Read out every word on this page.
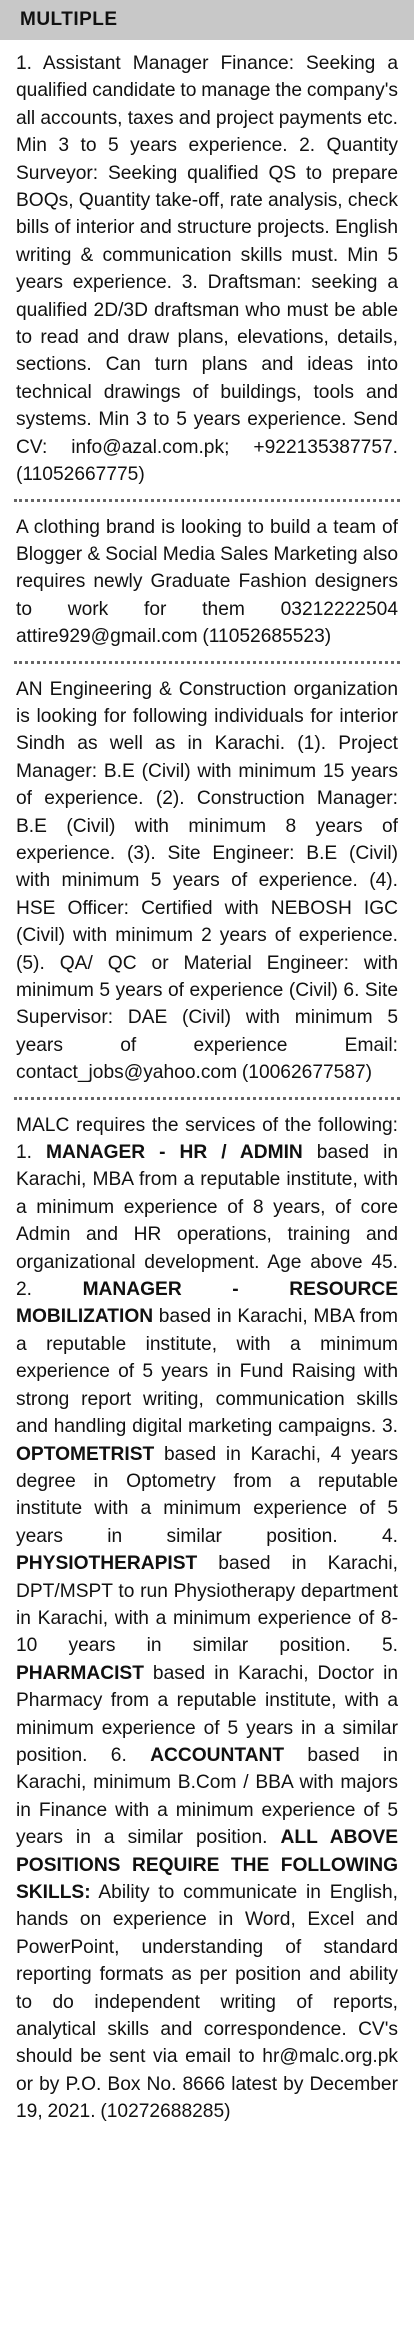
MULTIPLE

1. Assistant Manager Finance: Seeking a qualified candidate to manage the company's all accounts, taxes and project payments etc. Min 3 to 5 years experience. 2. Quantity Surveyor: Seeking qualified QS to prepare BOQs, Quantity take-off, rate analysis, check bills of interior and structure projects. English writing & communication skills must. Min 5 years experience. 3. Draftsman: seeking a qualified 2D/3D draftsman who must be able to read and draw plans, elevations, details, sections. Can turn plans and ideas into technical drawings of buildings, tools and systems. Min 3 to 5 years experience. Send CV: info@azal.com.pk; +922135387757. (11052667775)

A clothing brand is looking to build a team of Blogger & Social Media Sales Marketing also requires newly Graduate Fashion designers to work for them 03212222504 attire929@gmail.com (11052685523)

AN Engineering & Construction organization is looking for following individuals for interior Sindh as well as in Karachi. (1). Project Manager: B.E (Civil) with minimum 15 years of experience. (2). Construction Manager: B.E (Civil) with minimum 8 years of experience. (3). Site Engineer: B.E (Civil) with minimum 5 years of experience. (4). HSE Officer: Certified with NEBOSH IGC (Civil) with minimum 2 years of experience. (5). QA/ QC or Material Engineer: with minimum 5 years of experience (Civil) 6. Site Supervisor: DAE (Civil) with minimum 5 years of experience Email: contact_jobs@yahoo.com (10062677587)

MALC requires the services of the following: 1. MANAGER - HR / ADMIN based in Karachi, MBA from a reputable institute, with a minimum experience of 8 years, of core Admin and HR operations, training and organizational development. Age above 45. 2. MANAGER - RESOURCE MOBILIZATION based in Karachi, MBA from a reputable institute, with a minimum experience of 5 years in Fund Raising with strong report writing, communication skills and handling digital marketing campaigns. 3. OPTOMETRIST based in Karachi, 4 years degree in Optometry from a reputable institute with a minimum experience of 5 years in similar position. 4. PHYSIOTHERAPIST based in Karachi, DPT/MSPT to run Physiotherapy department in Karachi, with a minimum experience of 8-10 years in similar position. 5. PHARMACIST based in Karachi, Doctor in Pharmacy from a reputable institute, with a minimum experience of 5 years in a similar position. 6. ACCOUNTANT based in Karachi, minimum B.Com / BBA with majors in Finance with a minimum experience of 5 years in a similar position. ALL ABOVE POSITIONS REQUIRE THE FOLLOWING SKILLS: Ability to communicate in English, hands on experience in Word, Excel and PowerPoint, understanding of standard reporting formats as per position and ability to do independent writing of reports, analytical skills and correspondence. CV's should be sent via email to hr@malc.org.pk or by P.O. Box No. 8666 latest by December 19, 2021. (10272688285)
